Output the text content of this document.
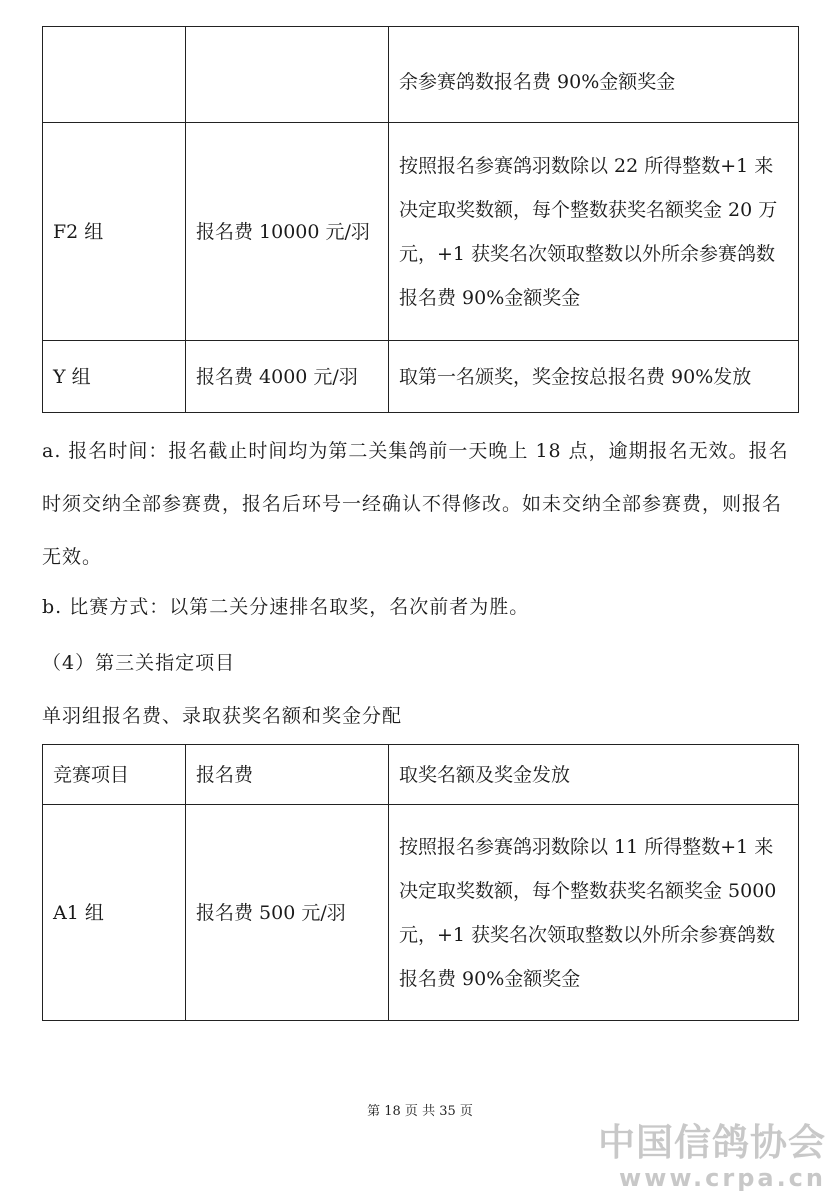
		余参赛鸽数报名费 90%金额奖金
F2 组	报名费 10000 元/羽	按照报名参赛鸽羽数除以 22 所得整数+1 来决定取奖数额，每个整数获奖名额奖金 20 万元，+1 获奖名次领取整数以外所余参赛鸽数报名费 90%金额奖金
Y 组	报名费 4000 元/羽	取第一名颁奖，奖金按总报名费 90%发放

a. 报名时间：报名截止时间均为第二关集鸽前一天晚上 18 点，逾期报名无效。报名时须交纳全部参赛费，报名后环号一经确认不得修改。如未交纳全部参赛费，则报名无效。

b. 比赛方式：以第二关分速排名取奖，名次前者为胜。

（4）第三关指定项目

单羽组报名费、录取获奖名额和奖金分配

竞赛项目	报名费	取奖名额及奖金发放
A1 组	报名费 500 元/羽	按照报名参赛鸽羽数除以 11 所得整数+1 来决定取奖数额，每个整数获奖名额奖金 5000 元，+1 获奖名次领取整数以外所余参赛鸽数报名费 90%金额奖金
第 18 页 共 35 页
中国信鸽协会
www.crpa.cn
